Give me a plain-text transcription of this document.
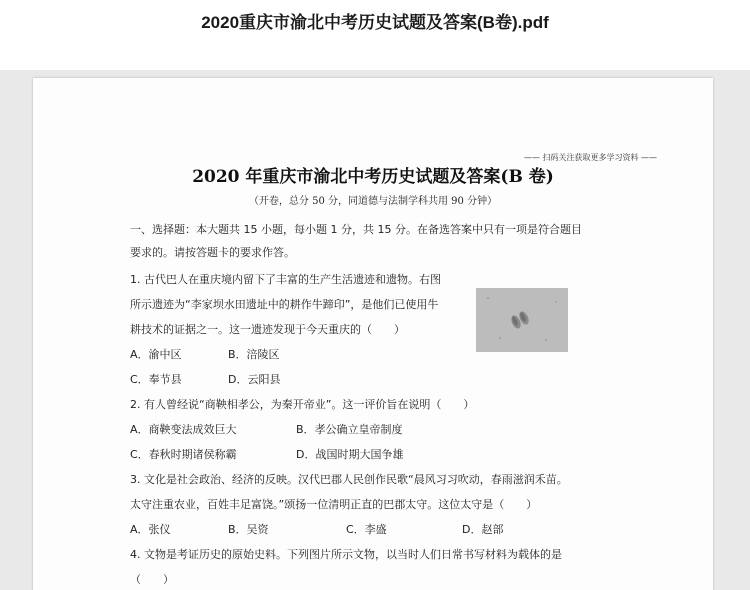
2020重庆市渝北中考历史试题及答案(B卷).pdf
—— 扫码关注获取更多学习资料 ——
2020 年重庆市渝北中考历史试题及答案(B 卷)
（开卷，总分 50 分，同道德与法制学科共用 90 分钟）
一、选择题：本大题共 15 小题，每小题 1 分，共 15 分。在备选答案中只有一项是符合题目
要求的。请按答题卡的要求作答。
1. 古代巴人在重庆境内留下了丰富的生产生活遗迹和遗物。右图
所示遗迹为“李家坝水田遗址中的耕作牛蹄印”，是他们已使用牛
耕技术的证据之一。这一遗迹发现于今天重庆的（　　）
A．渝中区	B．涪陵区
C．奉节县	D．云阳县
2. 有人曾经说“商鞅相孝公，为秦开帝业”。这一评价旨在说明（　　）
A．商鞅变法成效巨大	B．孝公确立皇帝制度
C．春秋时期诸侯称霸	D．战国时期大国争雄
3. 文化是社会政治、经济的反映。汉代巴郡人民创作民歌“晨风习习吹动，春雨滋润禾苗。
太守注重农业，百姓丰足富饶。”颂扬一位清明正直的巴郡太守。这位太守是（　　）
A．张仪	B．吴资	C．李盛	D．赵部
4. 文物是考证历史的原始史料。下列图片所示文物，以当时人们日常书写材料为载体的是
（　　）
